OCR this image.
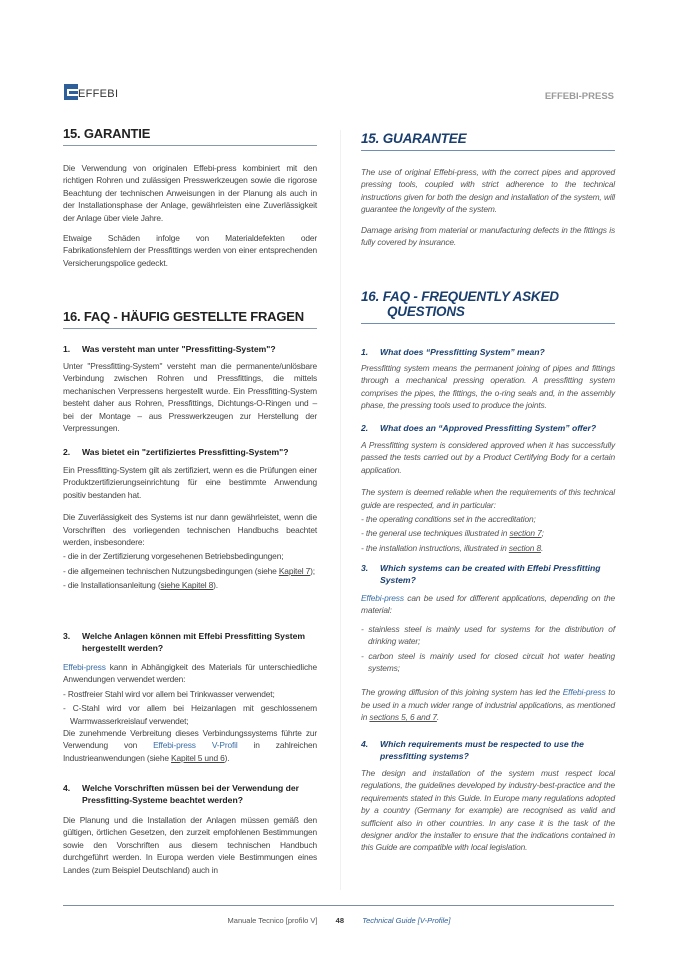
EFFEBI	EFFEBI-PRESS
15. GARANTIE

Die Verwendung von originalen Effebi-press kombiniert mit den richtigen Rohren und zulässigen Presswerkzeugen sowie die rigorose Beachtung der technischen Anweisungen in der Planung als auch in der Installationsphase der Anlage, gewährleisten eine Zuverlässigkeit der Anlage über viele Jahre.

Etwaige Schäden infolge von Materialdefekten oder Fabrikationsfehlern der Pressfittings werden von einer entsprechenden Versicherungspolice gedeckt.

16. FAQ - HÄUFIG GESTELLTE FRAGEN
1. Was versteht man unter "Pressfitting-System"?

Unter "Pressfitting-System" versteht man die permanente/unlösbare Verbindung zwischen Rohren und Pressfittings, die mittels mechanischen Verpressens hergestellt wurde. Ein Pressfitting-System besteht daher aus Rohren, Pressfittings, Dichtungs-O-Ringen und – bei der Montage – aus Presswerkzeugen zur Herstellung der Verpressungen.

2. Was bietet ein "zertifiziertes Pressfitting-System"?

Ein Pressfitting-System gilt als zertifiziert, wenn es die Prüfungen einer Produktzertifizierungseinrichtung für eine bestimmte Anwendung positiv bestanden hat.

Die Zuverlässigkeit des Systems ist nur dann gewährleistet, wenn die Vorschriften des vorliegenden technischen Handbuchs beachtet werden, insbesondere:

- die in der Zertifizierung vorgesehenen Betriebsbedingungen;

- die allgemeinen technischen Nutzungsbedingungen (siehe Kapitel 7);

- die Installationsanleitung (siehe Kapitel 8).

3. Welche Anlagen können mit Effebi Pressfitting System hergestellt werden?

Effebi-press kann in Abhängigkeit des Materials für unterschiedliche Anwendungen verwendet werden:

- Rostfreier Stahl wird vor allem bei Trinkwasser verwendet;

- C-Stahl wird vor allem bei Heizanlagen mit geschlossenem Warmwasserkreislauf verwendet;

Die zunehmende Verbreitung dieses Verbindungssystems führte zur Verwendung von Effebi-press V-Profil in zahlreichen Industrieanwendungen (siehe Kapitel 5 und 6).

4. Welche Vorschriften müssen bei der Verwendung der Pressfitting-Systeme beachtet werden?

Die Planung und die Installation der Anlagen müssen gemäß den gültigen, örtlichen Gesetzen, den zurzeit empfohlenen Bestimmungen sowie den Vorschriften aus diesem technischen Handbuch durchgeführt werden. In Europa werden viele Bestimmungen eines Landes (zum Beispiel Deutschland) auch in

15. GUARANTEE

The use of original Effebi-press, with the correct pipes and approved pressing tools, coupled with strict adherence to the technical instructions given for both the design and installation of the system, will guarantee the longevity of the system.

Damage arising from material or manufacturing defects in the fittings is fully covered by insurance.

16. FAQ - FREQUENTLY ASKED
QUESTIONS
1. What does “Pressfitting System” mean?

Pressfitting system means the permanent joining of pipes and fittings through a mechanical pressing operation. A pressfitting system comprises the pipes, the fittings, the o-ring seals and, in the assembly phase, the pressing tools used to produce the joints.

2. What does an “Approved Pressfitting System” offer?

A Pressfitting system is considered approved when it has successfully passed the tests carried out by a Product Certifying Body for a certain application.

The system is deemed reliable when the requirements of this technical guide are respected, and in particular:

- the operating conditions set in the accreditation;

- the general use techniques illustrated in section 7;

- the installation instructions, illustrated in section 8.

3. Which systems can be created with Effebi Pressfitting System?

Effebi-press can be used for different applications, depending on the material:

- stainless steel is mainly used for systems for the distribution of drinking water;

- carbon steel is mainly used for closed circuit hot water heating systems;

The growing diffusion of this joining system has led the Effebi-press to be used in a much wider range of industrial applications, as mentioned in sections 5, 6 and 7.

4. Which requirements must be respected to use the pressfitting systems?

The design and installation of the system must respect local regulations, the guidelines developed by industry-best-practice and the requirements stated in this Guide. In Europe many regulations adopted by a country (Germany for example) are recognised as valid and sufficient also in other countries. In any case it is the task of the designer and/or the installer to ensure that the indications contained in this Guide are compatible with local legislation.

Manuale Tecnico [profilo V] 48 Technical Guide [V-Profile]
